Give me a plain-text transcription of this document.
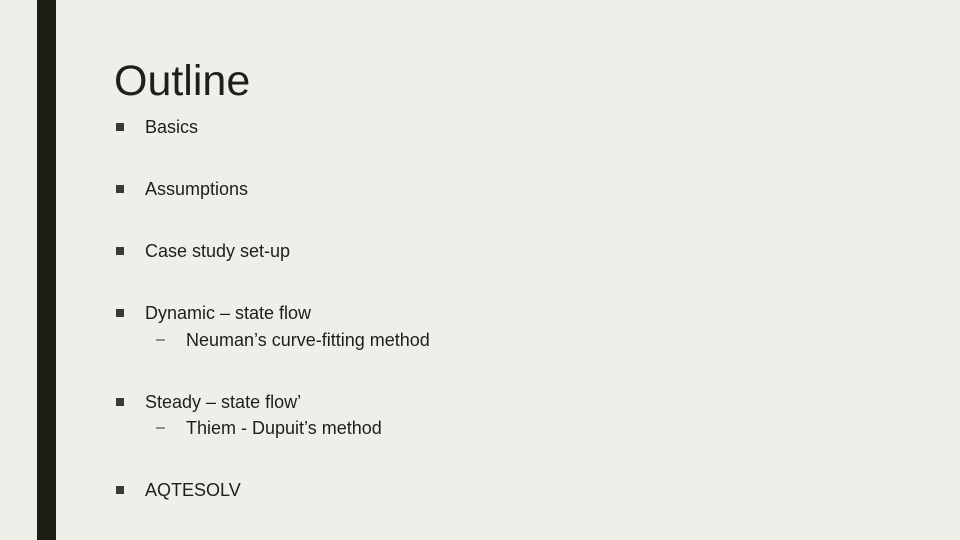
Outline
Basics
Assumptions
Case study set-up
Dynamic – state flow
– Neuman’s curve-fitting method
Steady – state flow’
– Thiem - Dupuit’s method
AQTESOLV
